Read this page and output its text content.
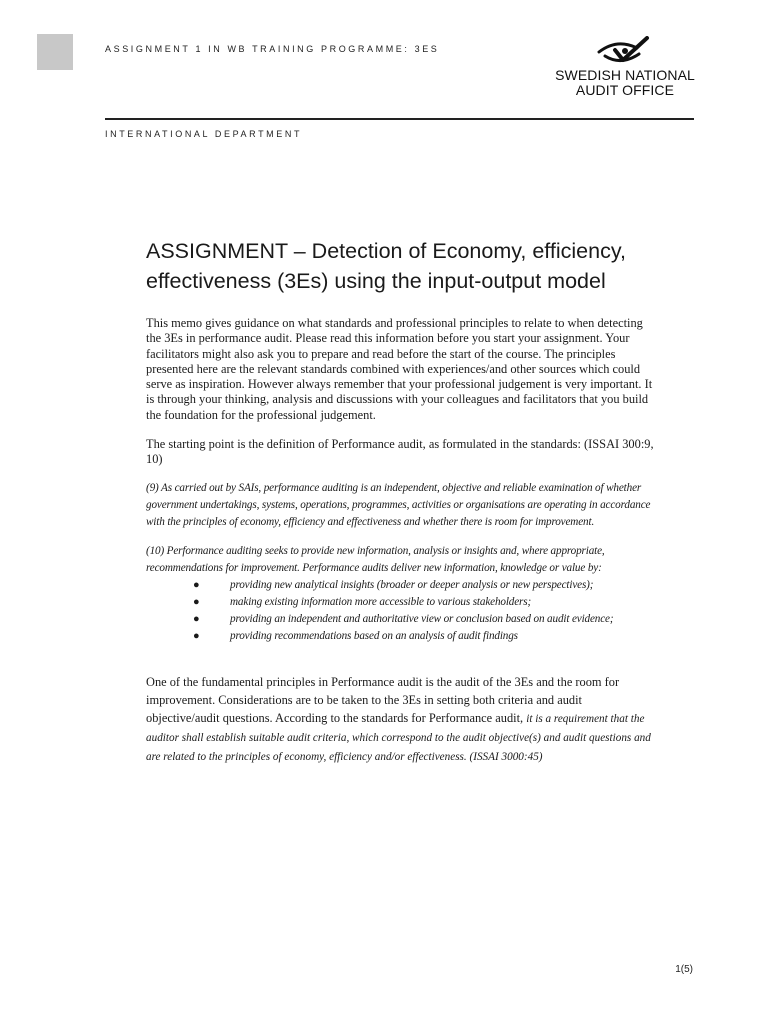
ASSIGNMENT 1 IN WB TRAINING PROGRAMME: 3ES
SWEDISH NATIONAL
AUDIT OFFICE
INTERNATIONAL DEPARTMENT
ASSIGNMENT – Detection of Economy, efficiency, effectiveness (3Es) using the input-output model

This memo gives guidance on what standards and professional principles to relate to when detecting the 3Es in performance audit. Please read this information before you start your assignment. Your facilitators might also ask you to prepare and read before the start of the course. The principles presented here are the relevant standards combined with experiences/and other sources which could serve as inspiration. However always remember that your professional judgement is very important. It is through your thinking, analysis and discussions with your colleagues and facilitators that you build the foundation for the professional judgement.

The starting point is the definition of Performance audit, as formulated in the standards: (ISSAI 300:9, 10)

(9) As carried out by SAIs, performance auditing is an independent, objective and reliable examination of whether government undertakings, systems, operations, programmes, activities or organisations are operating in accordance with the principles of economy, efficiency and effectiveness and whether there is room for improvement.

(10) Performance auditing seeks to provide new information, analysis or insights and, where appropriate, recommendations for improvement. Performance audits deliver new information, knowledge or value by:

●	providing new analytical insights (broader or deeper analysis or new perspectives);
●	making existing information more accessible to various stakeholders;
●	providing an independent and authoritative view or conclusion based on audit evidence;
●	providing recommendations based on an analysis of audit findings

One of the fundamental principles in Performance audit is the audit of the 3Es and the room for improvement. Considerations are to be taken to the 3Es in setting both criteria and audit objective/audit questions. According to the standards for Performance audit, it is a requirement that the auditor shall establish suitable audit criteria, which correspond to the audit objective(s) and audit questions and are related to the principles of economy, efficiency and/or effectiveness. (ISSAI 3000:45)

1(5)
